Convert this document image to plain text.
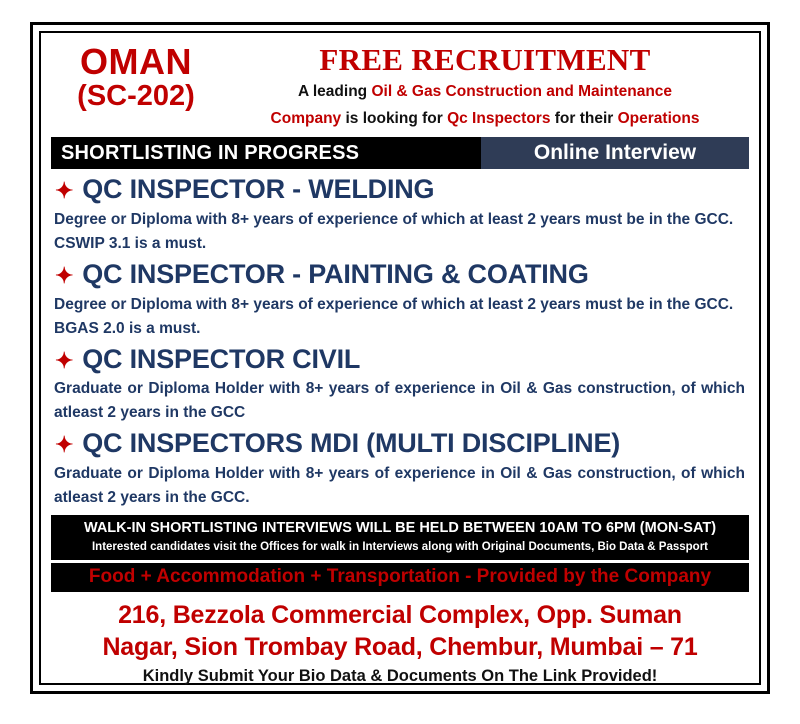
OMAN
(SC-202)
FREE RECRUITMENT
A leading Oil & Gas Construction and Maintenance
Company is looking for Qc Inspectors for their Operations
SHORTLISTING IN PROGRESS	Online Interview
✦ QC INSPECTOR - WELDING
Degree or Diploma with 8+ years of experience of which at least 2 years must be in the GCC. CSWIP 3.1 is a must.
✦ QC INSPECTOR - PAINTING & COATING
Degree or Diploma with 8+ years of experience of which at least 2 years must be in the GCC. BGAS 2.0 is a must.
✦ QC INSPECTOR CIVIL
Graduate or Diploma Holder with 8+ years of experience in Oil & Gas construction, of which atleast 2 years in the GCC
✦ QC INSPECTORS MDI (MULTI DISCIPLINE)
Graduate or Diploma Holder with 8+ years of experience in Oil & Gas construction, of which atleast 2 years in the GCC.
WALK-IN SHORTLISTING INTERVIEWS WILL BE HELD BETWEEN 10AM TO 6PM (MON-SAT)
Interested candidates visit the Offices for walk in Interviews along with Original Documents, Bio Data & Passport
Food + Accommodation + Transportation - Provided by the Company
216, Bezzola Commercial Complex, Opp. Suman
Nagar, Sion Trombay Road, Chembur, Mumbai – 71
Kindly Submit Your Bio Data & Documents On The Link Provided!
